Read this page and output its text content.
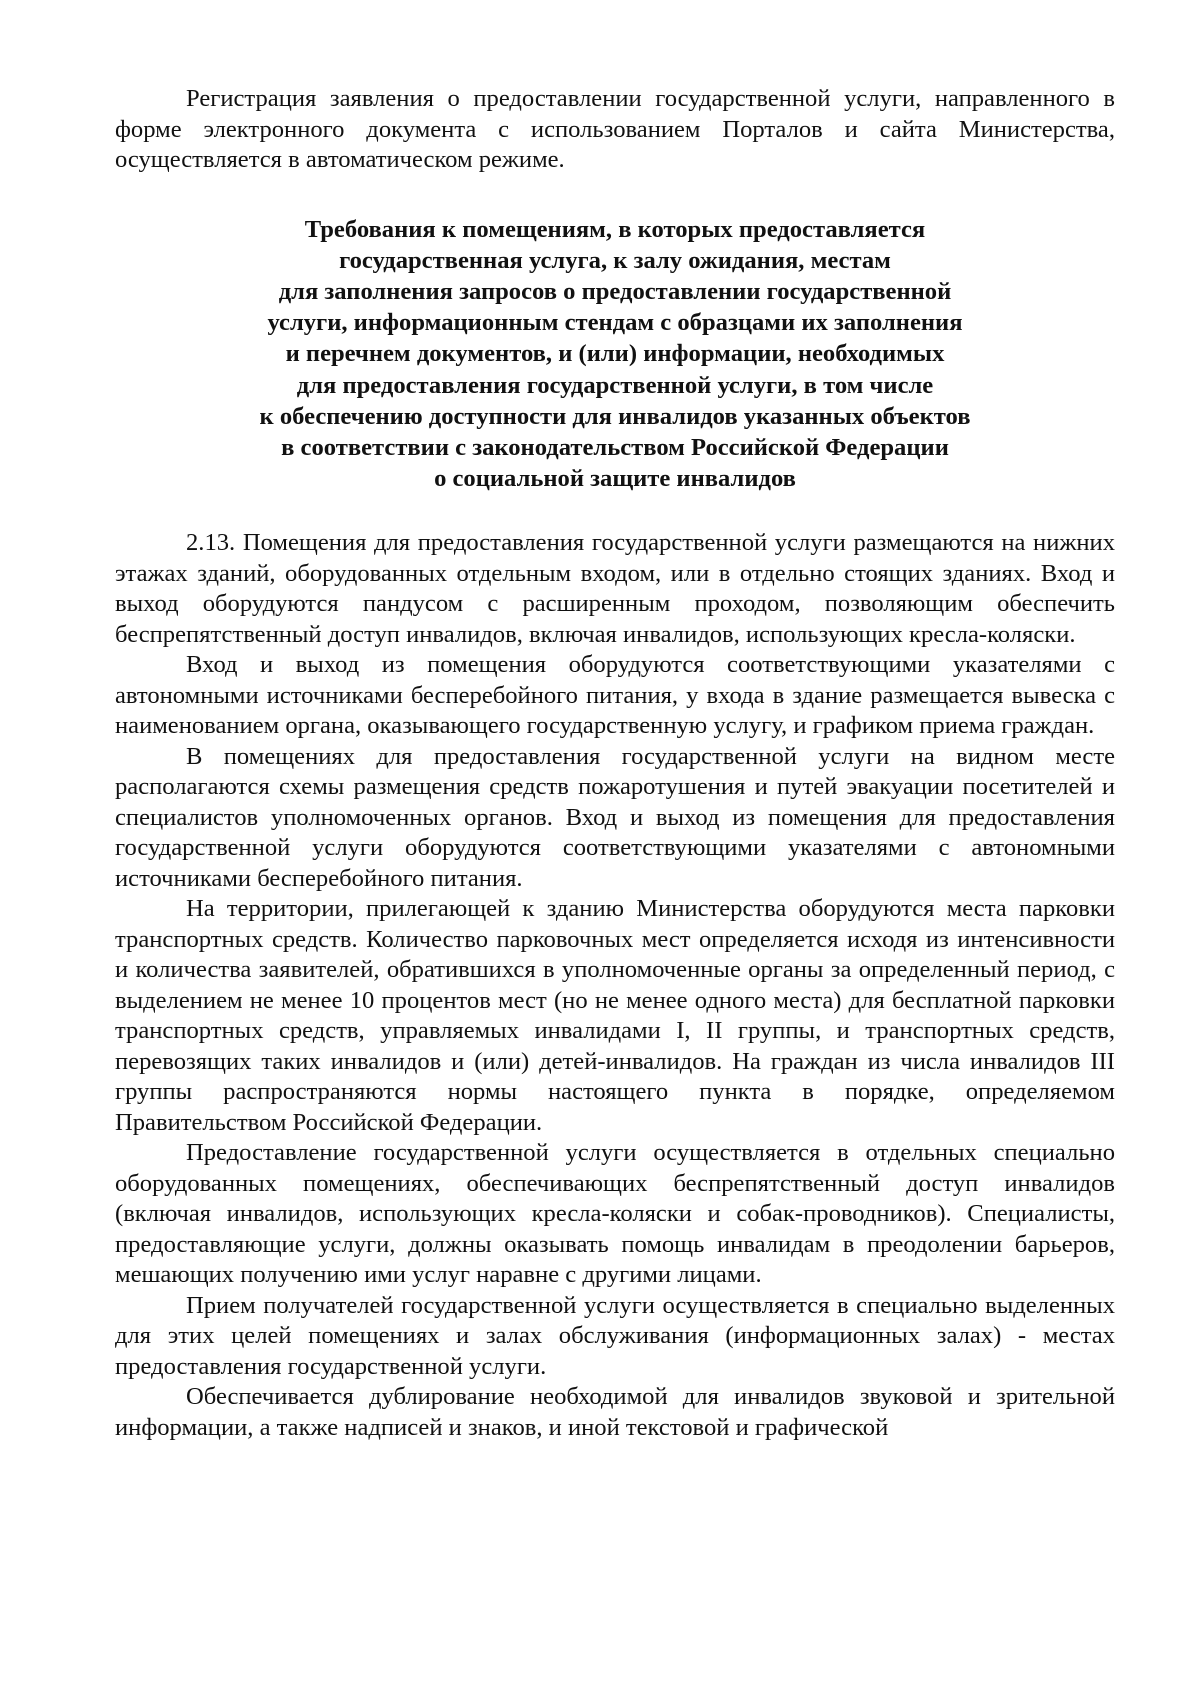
Регистрация заявления о предоставлении государственной услуги, направленного в форме электронного документа с использованием Порталов и сайта Министерства, осуществляется в автоматическом режиме.

Требования к помещениям, в которых предоставляется
государственная услуга, к залу ожидания, местам
для заполнения запросов о предоставлении государственной
услуги, информационным стендам с образцами их заполнения
и перечнем документов, и (или) информации, необходимых
для предоставления государственной услуги, в том числе
к обеспечению доступности для инвалидов указанных объектов
в соответствии с законодательством Российской Федерации
о социальной защите инвалидов

2.13. Помещения для предоставления государственной услуги размещаются на нижних этажах зданий, оборудованных отдельным входом, или в отдельно стоящих зданиях. Вход и выход оборудуются пандусом с расширенным проходом, позволяющим обеспечить беспрепятственный доступ инвалидов, включая инвалидов, использующих кресла-коляски.

Вход и выход из помещения оборудуются соответствующими указателями с автономными источниками бесперебойного питания, у входа в здание размещается вывеска с наименованием органа, оказывающего государственную услугу, и графиком приема граждан.

В помещениях для предоставления государственной услуги на видном месте располагаются схемы размещения средств пожаротушения и путей эвакуации посетителей и специалистов уполномоченных органов. Вход и выход из помещения для предоставления государственной услуги оборудуются соответствующими указателями с автономными источниками бесперебойного питания.

На территории, прилегающей к зданию Министерства оборудуются места парковки транспортных средств. Количество парковочных мест определяется исходя из интенсивности и количества заявителей, обратившихся в уполномоченные органы за определенный период, с выделением не менее 10 процентов мест (но не менее одного места) для бесплатной парковки транспортных средств, управляемых инвалидами I, II группы, и транспортных средств, перевозящих таких инвалидов и (или) детей-инвалидов. На граждан из числа инвалидов III группы распространяются нормы настоящего пункта в порядке, определяемом Правительством Российской Федерации.

Предоставление государственной услуги осуществляется в отдельных специально оборудованных помещениях, обеспечивающих беспрепятственный доступ инвалидов (включая инвалидов, использующих кресла-коляски и собак-проводников). Специалисты, предоставляющие услуги, должны оказывать помощь инвалидам в преодолении барьеров, мешающих получению ими услуг наравне с другими лицами.

Прием получателей государственной услуги осуществляется в специально выделенных для этих целей помещениях и залах обслуживания (информационных залах) - местах предоставления государственной услуги.

Обеспечивается дублирование необходимой для инвалидов звуковой и зрительной информации, а также надписей и знаков, и иной текстовой и графической
